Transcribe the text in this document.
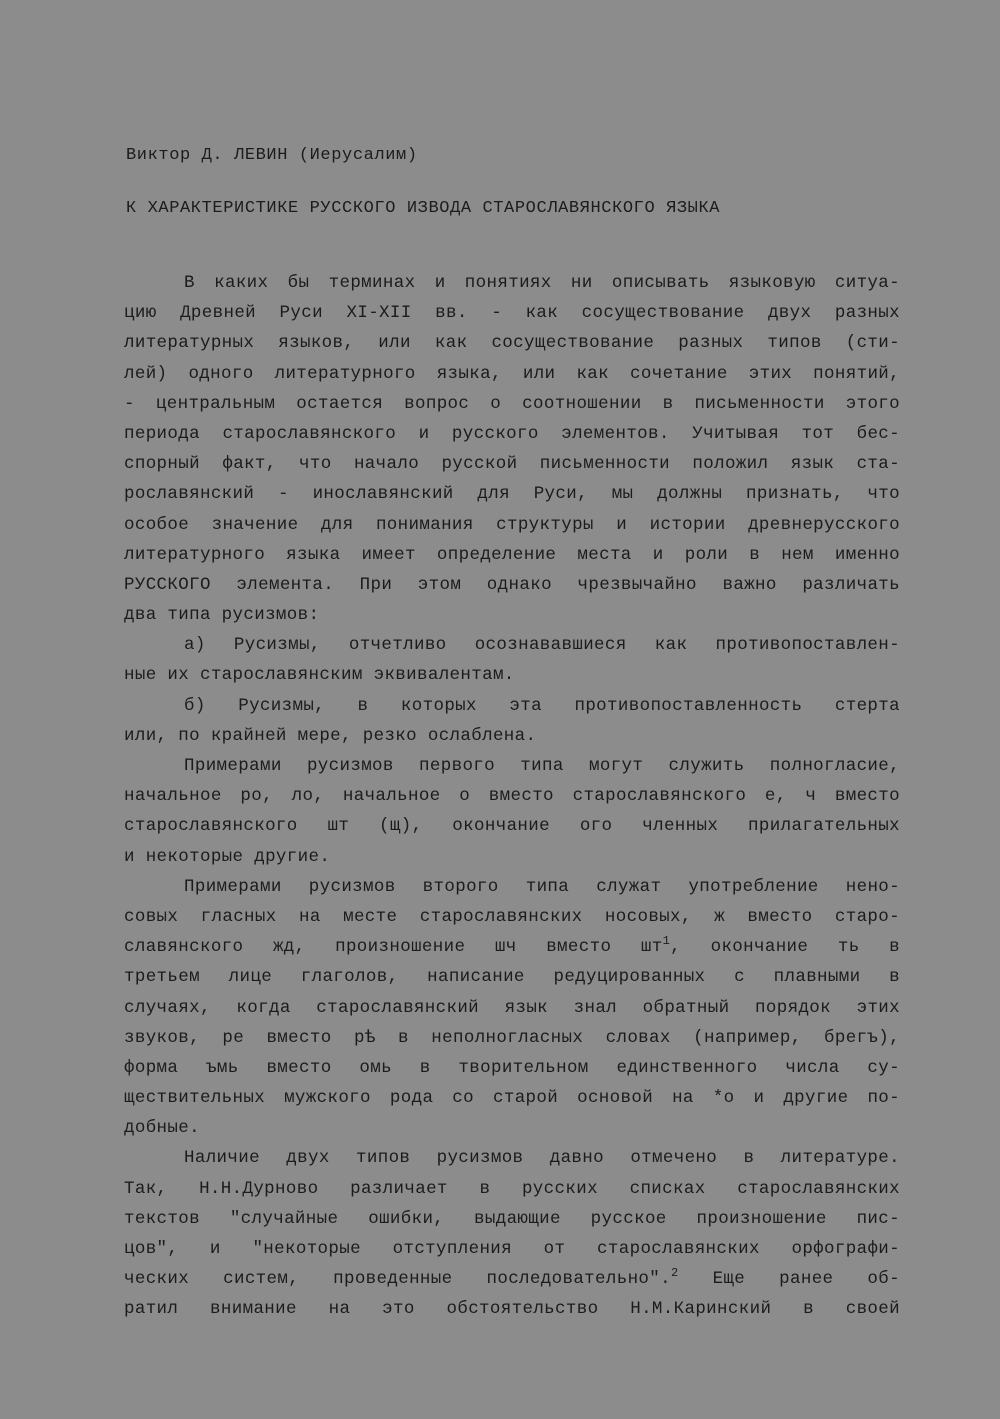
Виктор Д. ЛЕВИН (Иерусалим)
К ХАРАКТЕРИСТИКЕ РУССКОГО ИЗВОДА СТАРОСЛАВЯНСКОГО ЯЗЫКА
В каких бы терминах и понятиях ни описывать языковую ситуа-
цию Древней Руси XI-XII вв. - как сосуществование двух разных
литературных языков, или как сосуществование разных типов (сти-
лей) одного литературного языка, или как сочетание этих понятий,
- центральным остается вопрос о соотношении в письменности этого
периода старославянского и русского элементов. Учитывая тот бес-
спорный факт, что начало русской письменности положил язык ста-
рославянский - инославянский для Руси, мы должны признать, что
особое значение для понимания структуры и истории древнерусского
литературного языка имеет определение места и роли в нем именно
РУССКОГО элемента. При этом однако чрезвычайно важно различать
два типа русизмов:
а) Русизмы, отчетливо осознававшиеся как противопоставлен-
ные их старославянским эквивалентам.
б) Русизмы, в которых эта противопоставленность стерта
или, по крайней мере, резко ослаблена.
Примерами русизмов первого типа могут служить полногласие,
начальное ро, ло, начальное о вместо старославянского е, ч вместо
старославянского шт (щ), окончание ого членных прилагательных
и некоторые другие.
Примерами русизмов второго типа служат употребление нено-
совых гласных на месте старославянских носовых, ж вместо старо-
славянского жд, произношение шч вместо $шт^1$, окончание ть в
третьем лице глаголов, написание редуцированных с плавными в
случаях, когда старославянский язык знал обратный порядок этих
звуков, ре вместо рѣ в неполногласных словах (например, брегъ),
форма ъмь вместо омь в творительном единственного числа су-
ществительных мужского рода со старой основой на *о и другие по-
добные.
Наличие двух типов русизмов давно отмечено в литературе.
Так, Н.Н.Дурново различает в русских списках старославянских
текстов "случайные ошибки, выдающие русское произношение пис-
цов", и "некоторые отступления от старославянских орфографи-
ческих систем, проведенные последовательно".$^2$ Еще ранее об-
ратил внимание на это обстоятельство Н.М.Каринский в своей
